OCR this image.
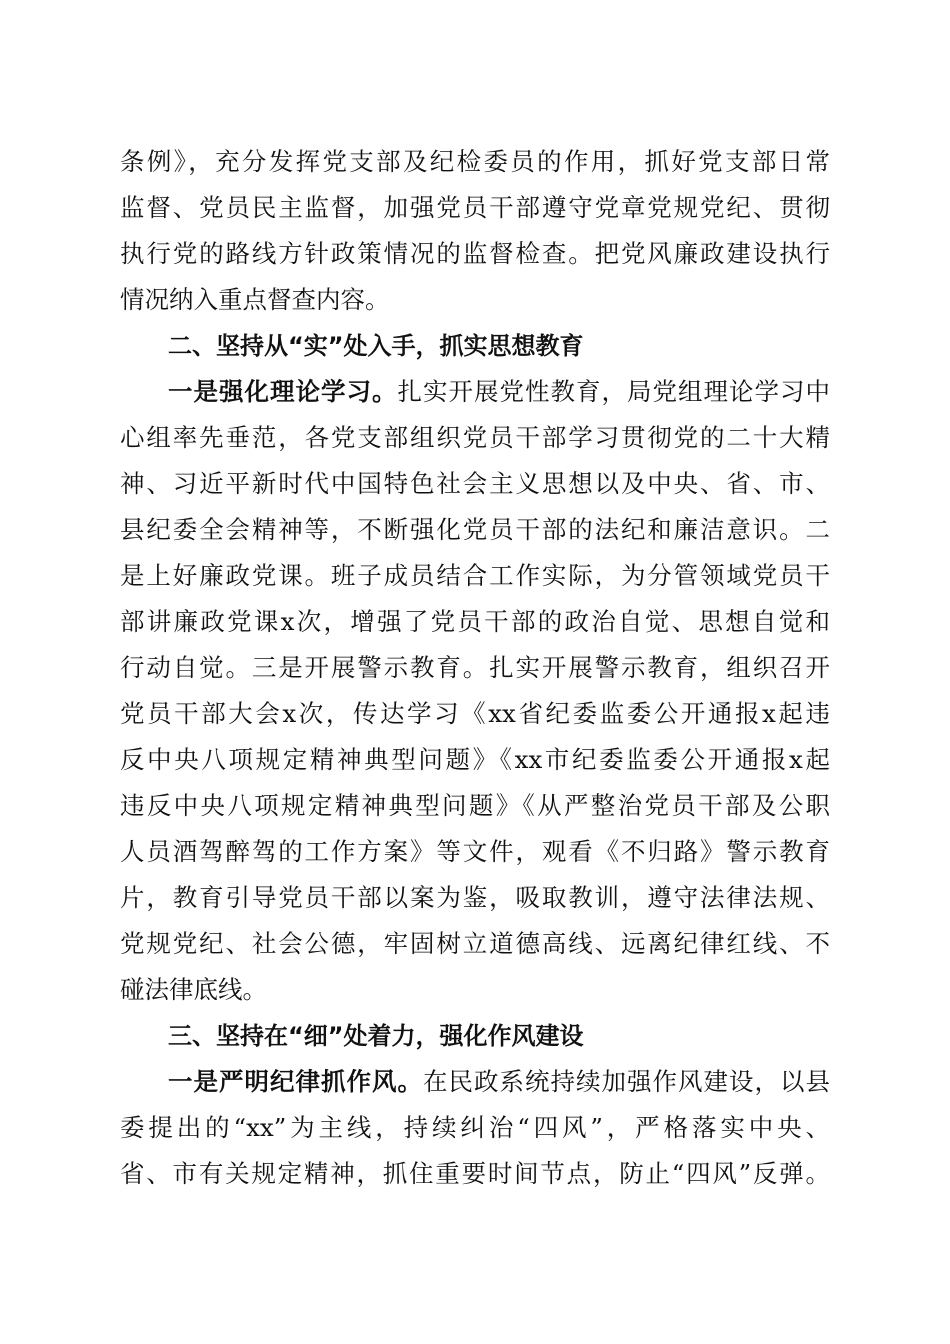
条例》，充分发挥党支部及纪检委员的作用，抓好党支部日常
监督、党员民主监督，加强党员干部遵守党章党规党纪、贯彻
执行党的路线方针政策情况的监督检查。把党风廉政建设执行
情况纳入重点督查内容。
二、坚持从“实”处入手，抓实思想教育
一是强化理论学习。扎实开展党性教育，局党组理论学习中
心组率先垂范，各党支部组织党员干部学习贯彻党的二十大精
神、习近平新时代中国特色社会主义思想以及中央、省、市、
县纪委全会精神等，不断强化党员干部的法纪和廉洁意识。二
是上好廉政党课。班子成员结合工作实际，为分管领域党员干
部讲廉政党课x次，增强了党员干部的政治自觉、思想自觉和
行动自觉。三是开展警示教育。扎实开展警示教育，组织召开
党员干部大会x次，传达学习《xx省纪委监委公开通报x起违
反中央八项规定精神典型问题》《xx市纪委监委公开通报x起
违反中央八项规定精神典型问题》《从严整治党员干部及公职
人员酒驾醉驾的工作方案》等文件，观看《不归路》警示教育
片，教育引导党员干部以案为鉴，吸取教训，遵守法律法规、
党规党纪、社会公德，牢固树立道德高线、远离纪律红线、不
碰法律底线。
三、坚持在“细”处着力，强化作风建设
一是严明纪律抓作风。在民政系统持续加强作风建设，以县
委提出的“xx”为主线，持续纠治“四风”，严格落实中央、
省、市有关规定精神，抓住重要时间节点，防止“四风”反弹。
